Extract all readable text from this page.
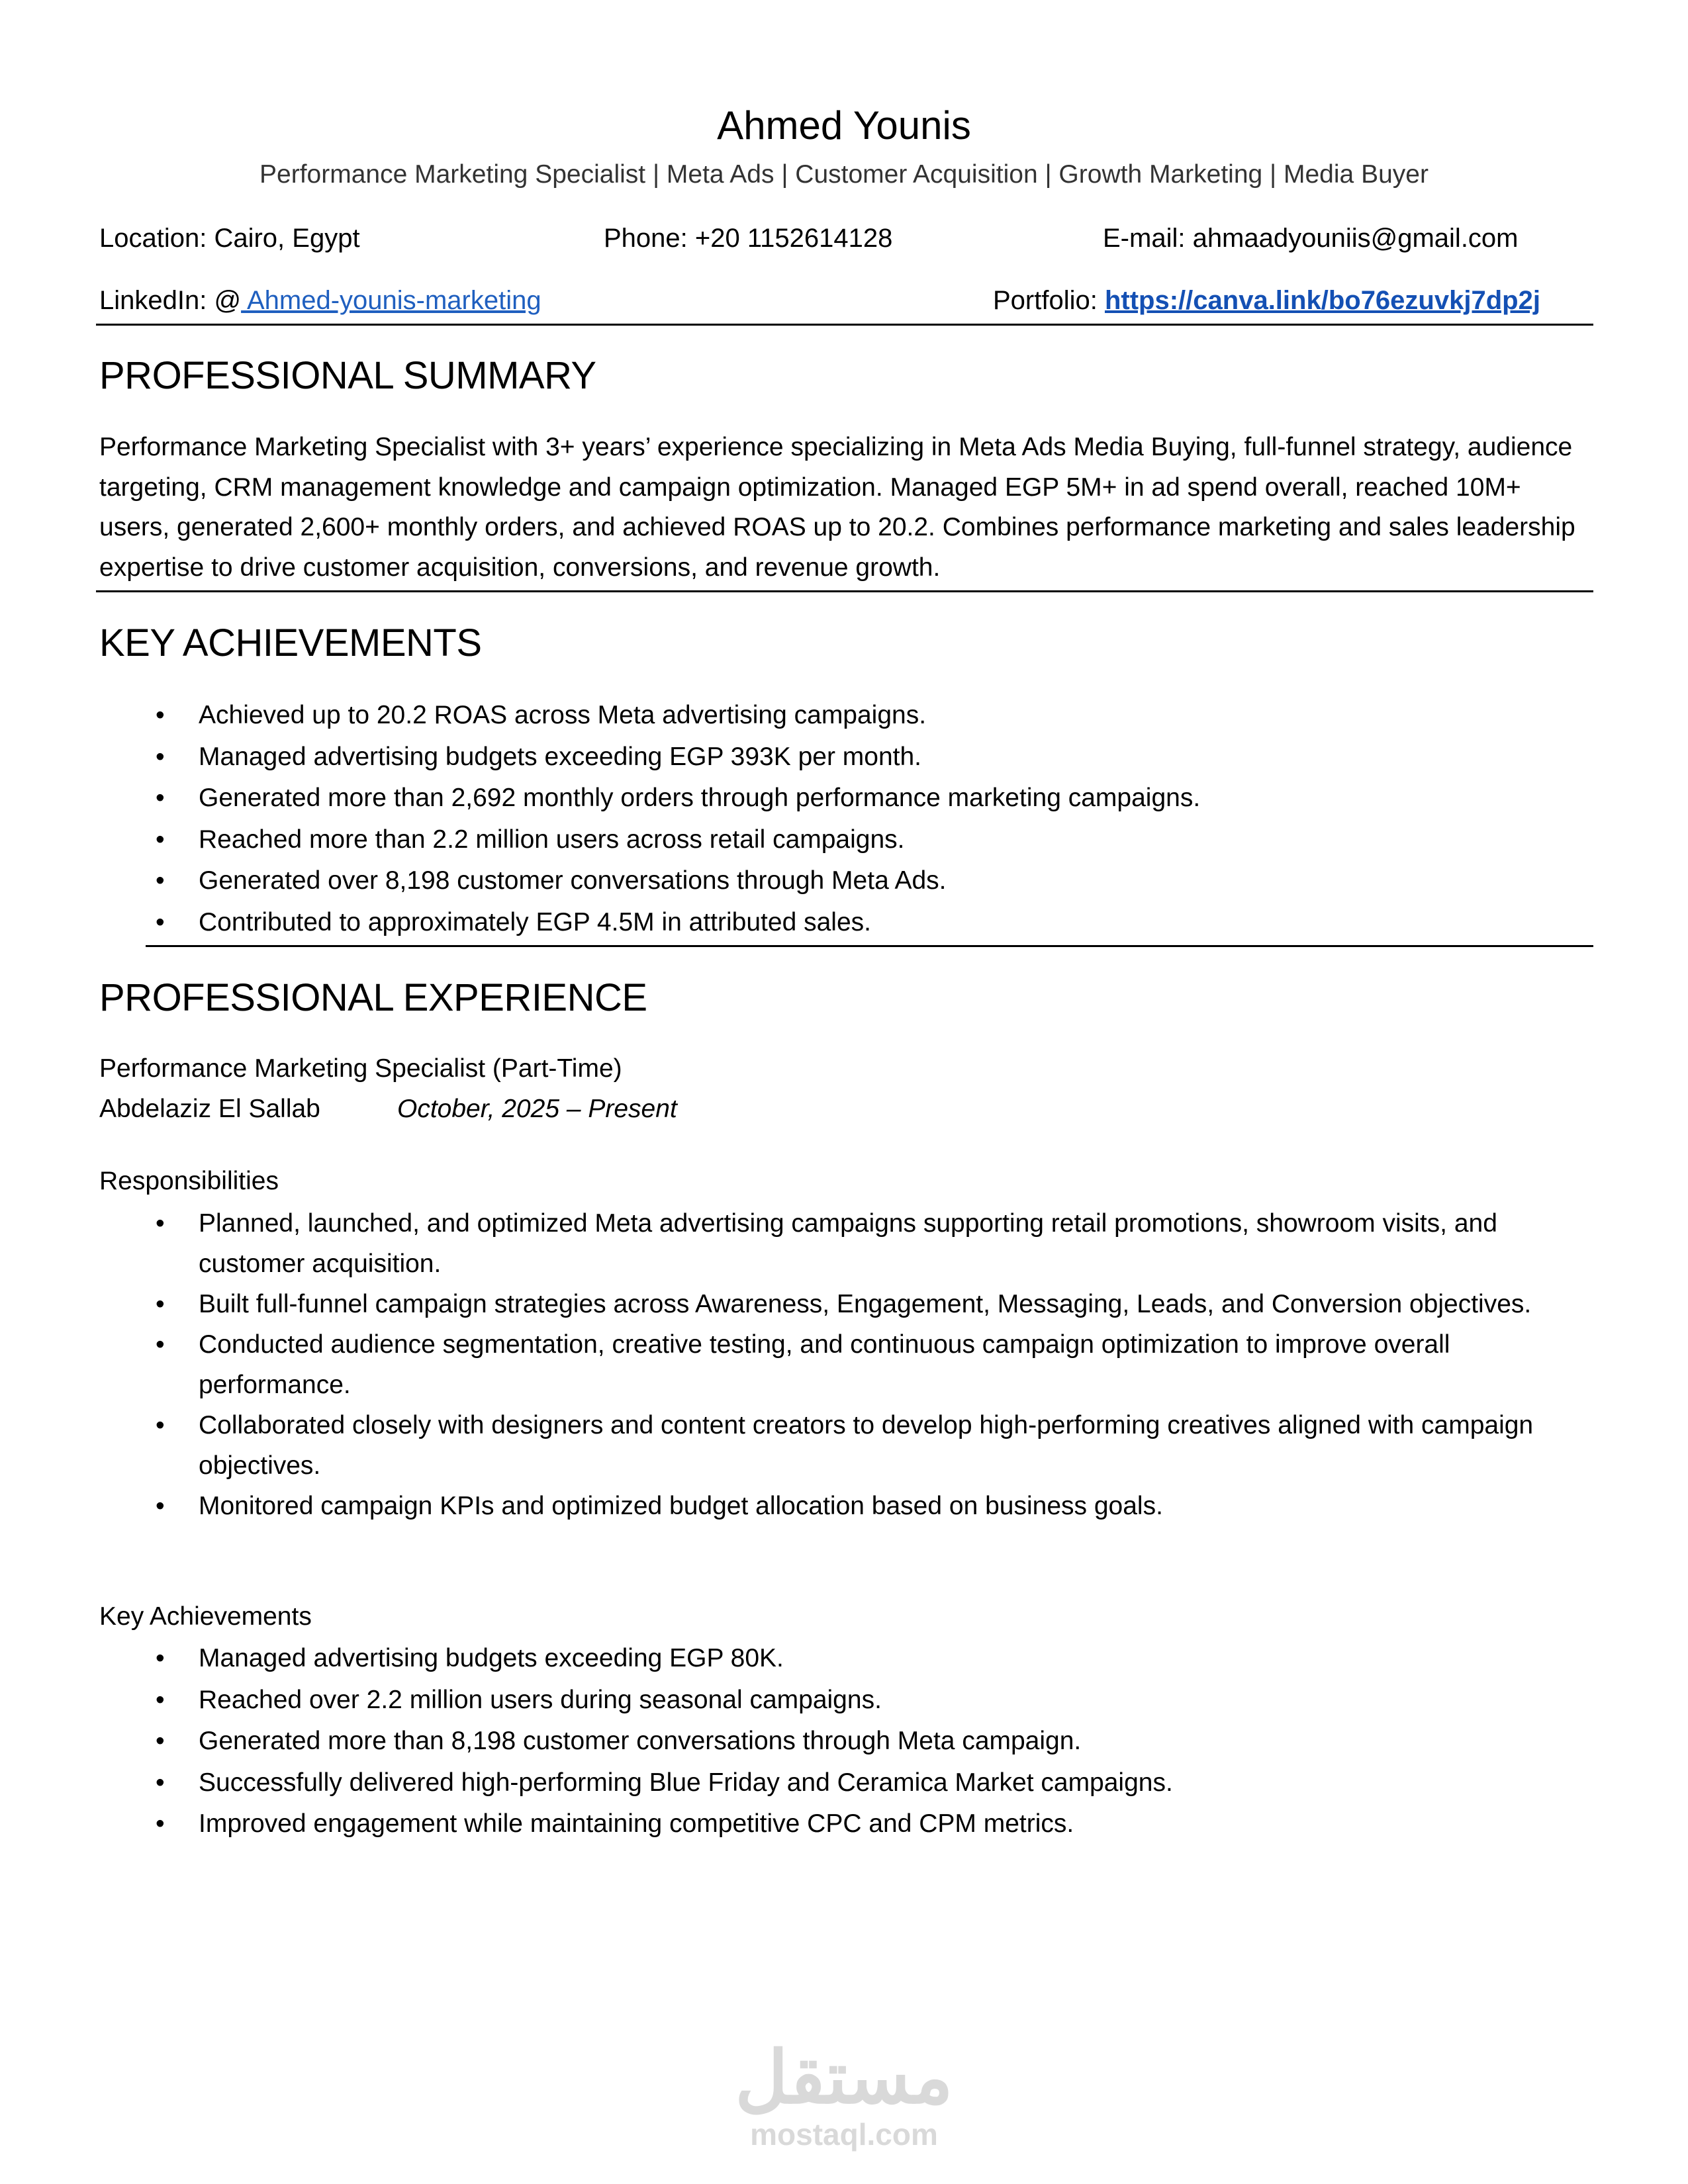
Ahmed Younis
Performance Marketing Specialist | Meta Ads | Customer Acquisition | Growth Marketing | Media Buyer
Location: Cairo, Egypt	Phone: +20 1152614128	E-mail: ahmaadyouniis@gmail.com
LinkedIn: @ Ahmed-younis-marketing	Portfolio: https://canva.link/bo76ezuvkj7dp2j
PROFESSIONAL SUMMARY
Performance Marketing Specialist with 3+ years’ experience specializing in Meta Ads Media Buying, full-funnel strategy, audience targeting, CRM management knowledge and campaign optimization. Managed EGP 5M+ in ad spend overall, reached 10M+ users, generated 2,600+ monthly orders, and achieved ROAS up to 20.2. Combines performance marketing and sales leadership expertise to drive customer acquisition, conversions, and revenue growth.
KEY ACHIEVEMENTS
• Achieved up to 20.2 ROAS across Meta advertising campaigns.
• Managed advertising budgets exceeding EGP 393K per month.
• Generated more than 2,692 monthly orders through performance marketing campaigns.
• Reached more than 2.2 million users across retail campaigns.
• Generated over 8,198 customer conversations through Meta Ads.
• Contributed to approximately EGP 4.5M in attributed sales.
PROFESSIONAL EXPERIENCE
Performance Marketing Specialist (Part-Time)
Abdelaziz El Sallab	October, 2025 – Present
Responsibilities
• Planned, launched, and optimized Meta advertising campaigns supporting retail promotions, showroom visits, and customer acquisition.
• Built full-funnel campaign strategies across Awareness, Engagement, Messaging, Leads, and Conversion objectives.
• Conducted audience segmentation, creative testing, and continuous campaign optimization to improve overall performance.
• Collaborated closely with designers and content creators to develop high-performing creatives aligned with campaign objectives.
• Monitored campaign KPIs and optimized budget allocation based on business goals.
Key Achievements
• Managed advertising budgets exceeding EGP 80K.
• Reached over 2.2 million users during seasonal campaigns.
• Generated more than 8,198 customer conversations through Meta campaign.
• Successfully delivered high-performing Blue Friday and Ceramica Market campaigns.
• Improved engagement while maintaining competitive CPC and CPM metrics.
مستقل
mostaql.com
